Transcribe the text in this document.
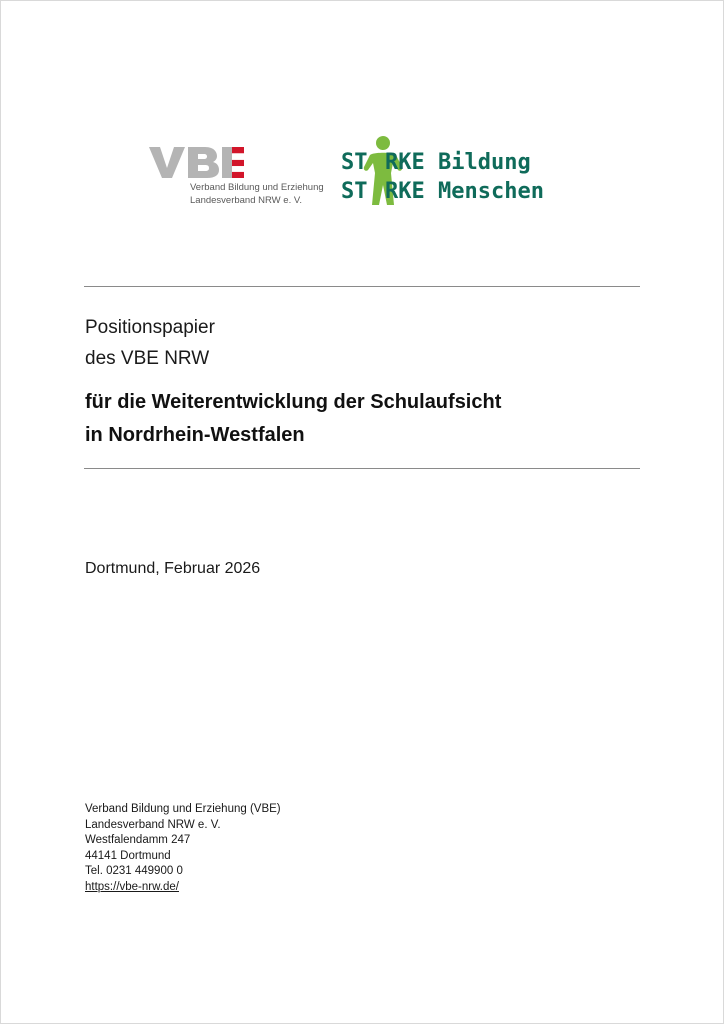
Verband Bildung und Erziehung
Landesverband NRW e. V.
ST RKE Bildung
ST RKE Menschen
Positionspapier
des VBE NRW
für die Weiterentwicklung der Schulaufsicht
in Nordrhein-Westfalen
Dortmund, Februar 2026
Verband Bildung und Erziehung (VBE)
Landesverband NRW e. V.
Westfalendamm 247
44141 Dortmund
Tel. 0231 449900 0
https://vbe-nrw.de/
